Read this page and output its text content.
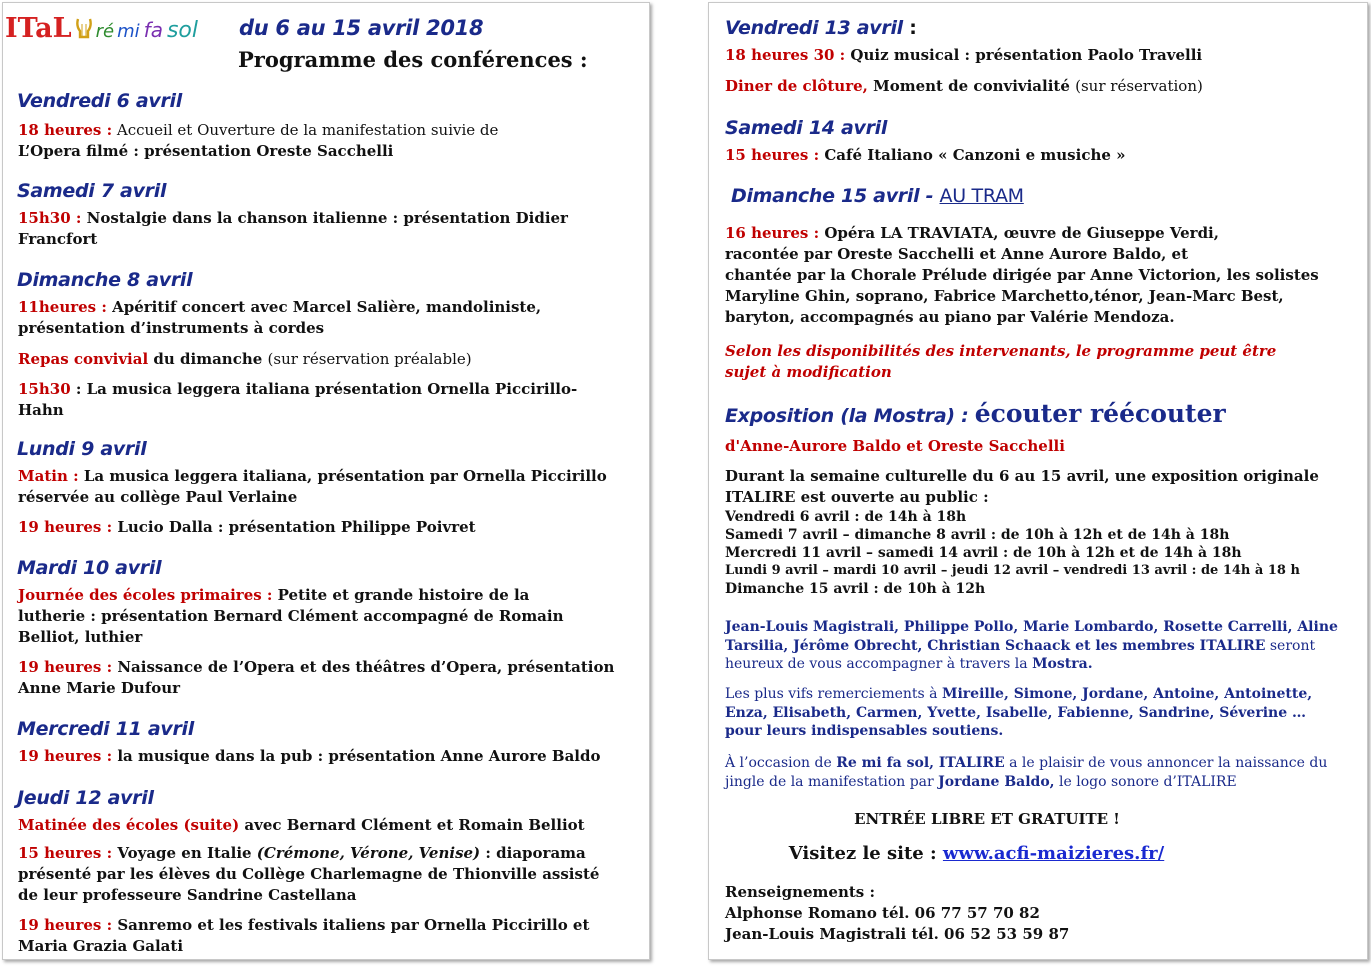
ITaL ré mi fa sol du 6 au 15 avril 2018
Programme des conférences :
Vendredi 6 avril
18 heures : Accueil et Ouverture de la manifestation suivie de
L’Opera filmé : présentation Oreste Sacchelli
Samedi 7 avril
15h30 : Nostalgie dans la chanson italienne : présentation Didier
Francfort
Dimanche 8 avril
11heures : Apéritif concert avec Marcel Salière, mandoliniste,
présentation d’instruments à cordes
Repas convivial du dimanche (sur réservation préalable)
15h30 : La musica leggera italiana présentation Ornella Piccirillo-
Hahn
Lundi 9 avril
Matin : La musica leggera italiana, présentation par Ornella Piccirillo
réservée au collège Paul Verlaine
19 heures : Lucio Dalla : présentation Philippe Poivret
Mardi 10 avril
Journée des écoles primaires : Petite et grande histoire de la
lutherie : présentation Bernard Clément accompagné de Romain
Belliot, luthier
19 heures : Naissance de l’Opera et des théâtres d’Opera, présentation
Anne Marie Dufour
Mercredi 11 avril
19 heures : la musique dans la pub : présentation Anne Aurore Baldo
Jeudi 12 avril
Matinée des écoles (suite) avec Bernard Clément et Romain Belliot
15 heures : Voyage en Italie (Crémone, Vérone, Venise) : diaporama
présenté par les élèves du Collège Charlemagne de Thionville assisté
de leur professeure Sandrine Castellana
19 heures : Sanremo et les festivals italiens par Ornella Piccirillo et
Maria Grazia Galati
Vendredi 13 avril :
18 heures 30 : Quiz musical : présentation Paolo Travelli
Diner de clôture, Moment de convivialité (sur réservation)
Samedi 14 avril
15 heures : Café Italiano « Canzoni e musiche »
Dimanche 15 avril - AU TRAM
16 heures : Opéra LA TRAVIATA, œuvre de Giuseppe Verdi,
racontée par Oreste Sacchelli et Anne Aurore Baldo, et
chantée par la Chorale Prélude dirigée par Anne Victorion, les solistes
Maryline Ghin, soprano, Fabrice Marchetto,ténor, Jean-Marc Best,
baryton, accompagnés au piano par Valérie Mendoza.
Selon les disponibilités des intervenants, le programme peut être
sujet à modification
Exposition (la Mostra) : écouter réécouter
d'Anne-Aurore Baldo et Oreste Sacchelli
Durant la semaine culturelle du 6 au 15 avril, une exposition originale
ITALIRE est ouverte au public :
Vendredi 6 avril : de 14h à 18h
Samedi 7 avril – dimanche 8 avril : de 10h à 12h et de 14h à 18h
Mercredi 11 avril – samedi 14 avril : de 10h à 12h et de 14h à 18h
Lundi 9 avril – mardi 10 avril – jeudi 12 avril – vendredi 13 avril : de 14h à 18 h
Dimanche 15 avril : de 10h à 12h
Jean-Louis Magistrali, Philippe Pollo, Marie Lombardo, Rosette Carrelli, Aline
Tarsilia, Jérôme Obrecht, Christian Schaack et les membres ITALIRE seront
heureux de vous accompagner à travers la Mostra.
Les plus vifs remerciements à Mireille, Simone, Jordane, Antoine, Antoinette,
Enza, Elisabeth, Carmen, Yvette, Isabelle, Fabienne, Sandrine, Séverine …
pour leurs indispensables soutiens.
À l’occasion de Re mi fa sol, ITALIRE a le plaisir de vous annoncer la naissance du
jingle de la manifestation par Jordane Baldo, le logo sonore d’ITALIRE
ENTRÉE LIBRE ET GRATUITE !
Visitez le site : www.acfi-maizieres.fr/
Renseignements :
Alphonse Romano tél. 06 77 57 70 82
Jean-Louis Magistrali tél. 06 52 53 59 87
